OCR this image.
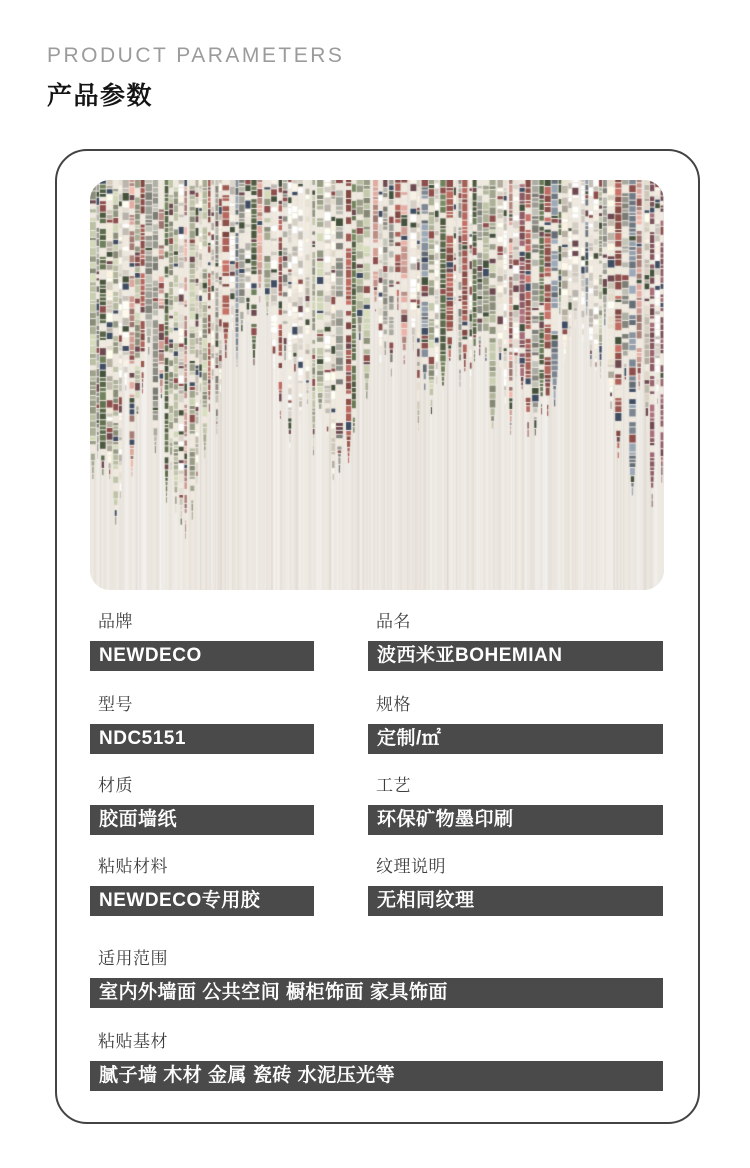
PRODUCT PARAMETERS
产品参数
品牌
NEWDECO
品名
波西米亚BOHEMIAN
型号
NDC5151
规格
定制/㎡
材质
胶面墙纸
工艺
环保矿物墨印刷
粘贴材料
NEWDECO专用胶
纹理说明
无相同纹理
适用范围
室内外墙面 公共空间 橱柜饰面 家具饰面
粘贴基材
腻子墙 木材 金属 瓷砖 水泥压光等
